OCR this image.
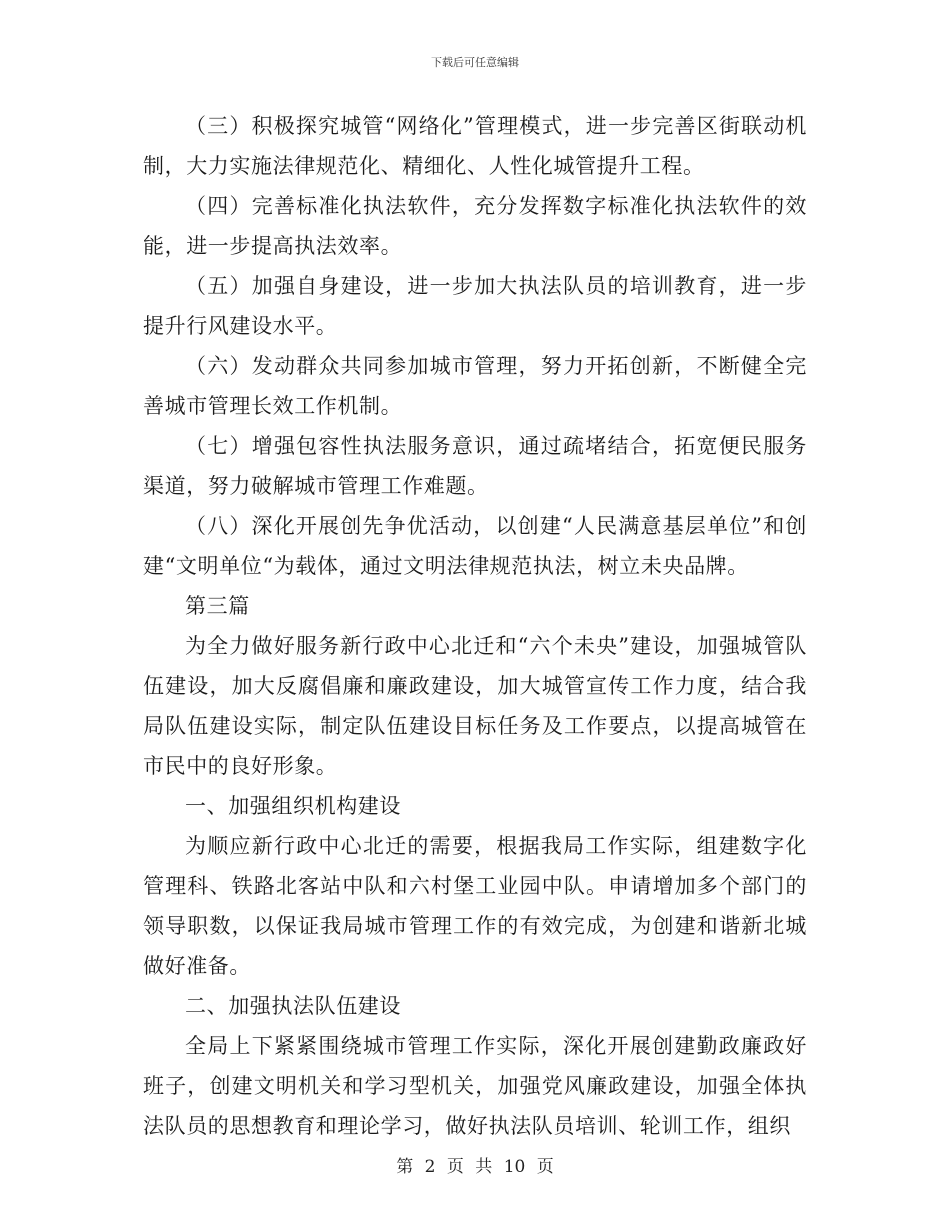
下载后可任意编辑

（三）积极探究城管“网络化”管理模式，进一步完善区街联动机制，大力实施法律规范化、精细化、人性化城管提升工程。

（四）完善标准化执法软件，充分发挥数字标准化执法软件的效能，进一步提高执法效率。

（五）加强自身建设，进一步加大执法队员的培训教育，进一步提升行风建设水平。

（六）发动群众共同参加城市管理，努力开拓创新，不断健全完善城市管理长效工作机制。

（七）增强包容性执法服务意识，通过疏堵结合，拓宽便民服务渠道，努力破解城市管理工作难题。

（八）深化开展创先争优活动，以创建“人民满意基层单位”和创建“文明单位“为载体，通过文明法律规范执法，树立未央品牌。

第三篇

为全力做好服务新行政中心北迁和“六个未央”建设，加强城管队伍建设，加大反腐倡廉和廉政建设，加大城管宣传工作力度，结合我局队伍建设实际，制定队伍建设目标任务及工作要点，以提高城管在市民中的良好形象。

一、加强组织机构建设

为顺应新行政中心北迁的需要，根据我局工作实际，组建数字化管理科、铁路北客站中队和六村堡工业园中队。申请增加多个部门的领导职数，以保证我局城市管理工作的有效完成，为创建和谐新北城做好准备。

二、加强执法队伍建设

全局上下紧紧围绕城市管理工作实际，深化开展创建勤政廉政好班子，创建文明机关和学习型机关，加强党风廉政建设，加强全体执法队员的思想教育和理论学习，做好执法队员培训、轮训工作，组织

第 2 页 共 10 页
